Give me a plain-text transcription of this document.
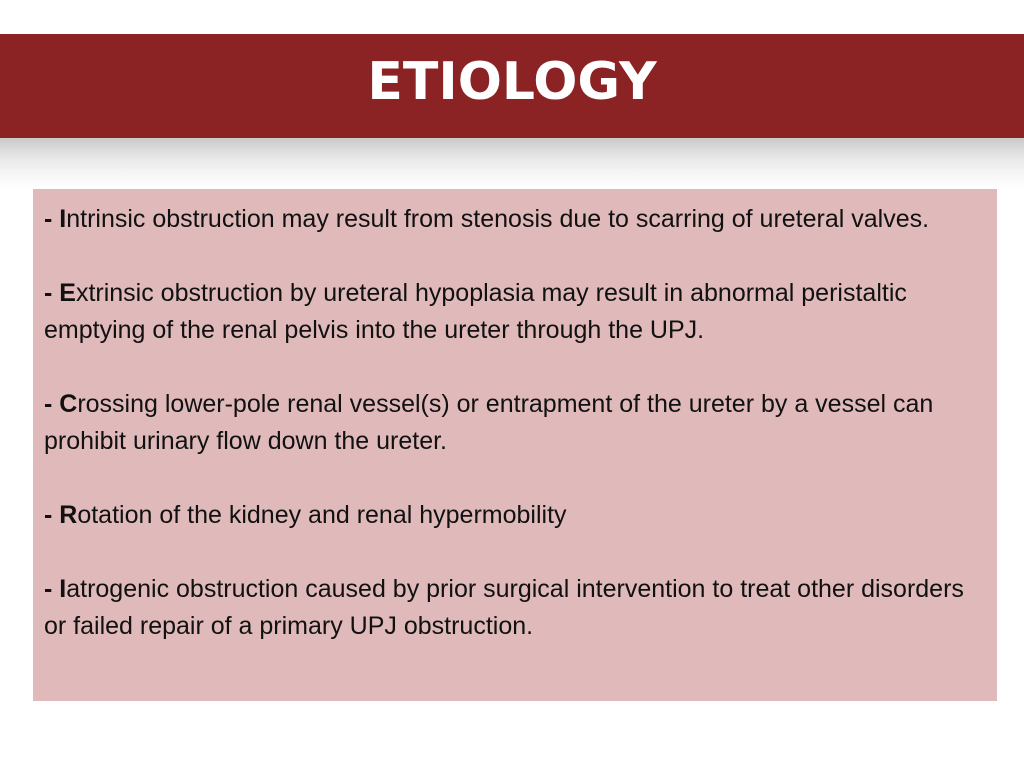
ETIOLOGY

- Intrinsic obstruction may result from stenosis due to scarring of ureteral valves.

- Extrinsic obstruction by ureteral hypoplasia may result in abnormal peristaltic emptying of the renal pelvis into the ureter through the UPJ.

- Crossing lower-pole renal vessel(s) or entrapment of the ureter by a vessel can prohibit urinary flow down the ureter.

- Rotation of the kidney and renal hypermobility

- Iatrogenic obstruction caused by prior surgical intervention to treat other disorders or failed repair of a primary UPJ obstruction.
